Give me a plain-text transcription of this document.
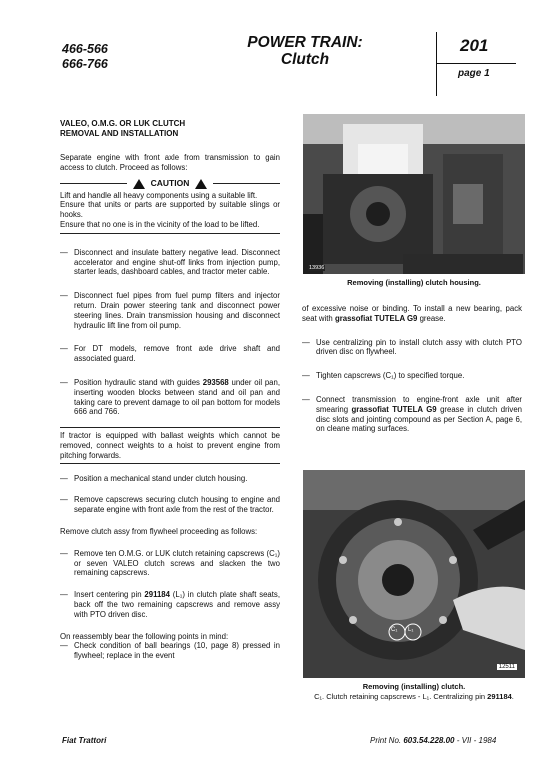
466-566
666-766
POWER TRAIN:
Clutch
201
page 1
VALEO, O.M.G. OR LUK CLUTCH
REMOVAL AND INSTALLATION
Separate engine with front axle from transmission to gain access to clutch. Proceed as follows:
CAUTION
Lift and handle all heavy components using a suitable lift.
Ensure that units or parts are supported by suitable slings or hooks.
Ensure that no one is in the vicinity of the load to be lifted.
— Disconnect and insulate battery negative lead. Disconnect accelerator and engine shut-off links from injection pump, starter leads, dashboard cables, and tractor meter cable.
— Disconnect fuel pipes from fuel pump filters and injector return. Drain power steering tank and disconnect power steering lines. Drain transmission housing and disconnect hydraulic lift line from oil pump.
— For DT models, remove front axle drive shaft and associated guard.
— Position hydraulic stand with guides 293568 under oil pan, inserting wooden blocks between stand and oil pan and taking care to prevent damage to oil pan bottom for models 666 and 766.
If tractor is equipped with ballast weights which cannot be removed, connect weights to a hoist to prevent engine from pitching forwards.
— Position a mechanical stand under clutch housing.
— Remove capscrews securing clutch housing to engine and separate engine with front axle from the rest of the tractor.
Remove clutch assy from flywheel proceeding as follows:
— Remove ten O.M.G. or LUK clutch retaining capscrews (C₁) or seven VALEO clutch screws and slacken the two remaining capscrews.
— Insert centering pin 291184 (L₁) in clutch plate shaft seats, back off the two remaining capscrews and remove assy with PTO driven disc.
On reassembly bear the following points in mind:
— Check condition of ball bearings (10, page 8) pressed in flywheel; replace in the event
13936
Removing (installing) clutch housing.
of excessive noise or binding. To install a new bearing, pack seat with grassofiat TUTELA G9 grease.
— Use centralizing pin to install clutch assy with clutch PTO driven disc on flywheel.
— Tighten capscrews (C₁) to specified torque.
— Connect transmission to engine-front axle unit after smearing grassofiat TUTELA G9 grease in clutch driven disc slots and jointing compound as per Section A, page 6, on cleane mating surfaces.
C₁ L₁
12511
Removing (installing) clutch.
C₁. Clutch retaining capscrews - L₁. Centralizing pin 291184.
Fiat Trattori	Print No. 603.54.228.00 - VII - 1984
